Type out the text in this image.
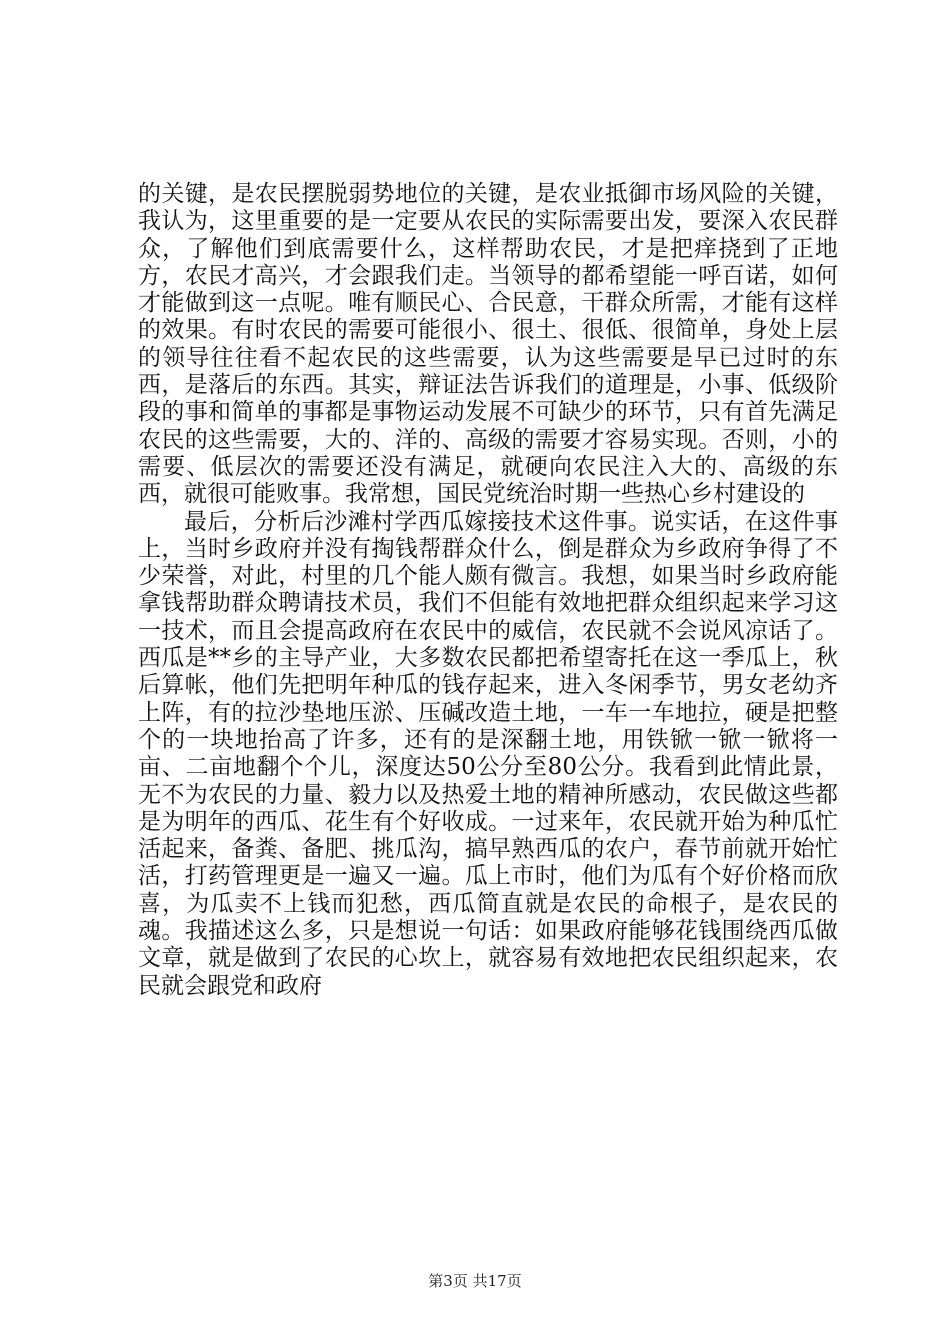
的关键，是农民摆脱弱势地位的关键，是农业抵御市场风险的关键，我认为，这里重要的是一定要从农民的实际需要出发，要深入农民群众，了解他们到底需要什么，这样帮助农民，才是把痒挠到了正地方，农民才高兴，才会跟我们走。当领导的都希望能一呼百诺，如何才能做到这一点呢。唯有顺民心、合民意，干群众所需，才能有这样的效果。有时农民的需要可能很小、很土、很低、很简单，身处上层的领导往往看不起农民的这些需要，认为这些需要是早已过时的东西，是落后的东西。其实，辩证法告诉我们的道理是，小事、低级阶段的事和简单的事都是事物运动发展不可缺少的环节，只有首先满足农民的这些需要，大的、洋的、高级的需要才容易实现。否则，小的需要、低层次的需要还没有满足，就硬向农民注入大的、高级的东西，就很可能败事。我常想，国民党统治时期一些热心乡村建设的

最后，分析后沙滩村学西瓜嫁接技术这件事。说实话，在这件事上，当时乡政府并没有掏钱帮群众什么，倒是群众为乡政府争得了不少荣誉，对此，村里的几个能人颇有微言。我想，如果当时乡政府能拿钱帮助群众聘请技术员，我们不但能有效地把群众组织起来学习这一技术，而且会提高政府在农民中的威信，农民就不会说风凉话了。西瓜是**乡的主导产业，大多数农民都把希望寄托在这一季瓜上，秋后算帐，他们先把明年种瓜的钱存起来，进入冬闲季节，男女老幼齐上阵，有的拉沙垫地压淤、压碱改造土地，一车一车地拉，硬是把整个的一块地抬高了许多，还有的是深翻土地，用铁锨一锨一锨将一亩、二亩地翻个个儿，深度达50公分至80公分。我看到此情此景，无不为农民的力量、毅力以及热爱土地的精神所感动，农民做这些都是为明年的西瓜、花生有个好收成。一过来年，农民就开始为种瓜忙活起来，备粪、备肥、挑瓜沟，搞早熟西瓜的农户，春节前就开始忙活，打药管理更是一遍又一遍。瓜上市时，他们为瓜有个好价格而欣喜，为瓜卖不上钱而犯愁，西瓜简直就是农民的命根子，是农民的魂。我描述这么多，只是想说一句话：如果政府能够花钱围绕西瓜做文章，就是做到了农民的心坎上，就容易有效地把农民组织起来，农民就会跟党和政府

第3页 共17页
